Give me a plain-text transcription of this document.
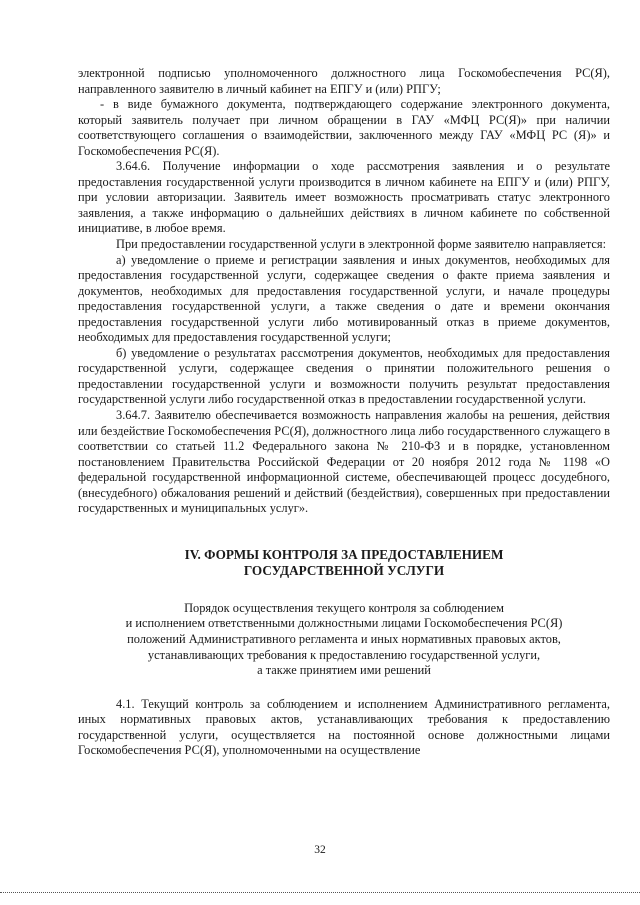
электронной подписью уполномоченного должностного лица Госкомобеспечения РС(Я), направленного заявителю в личный кабинет на ЕПГУ и (или) РПГУ;

- в виде бумажного документа, подтверждающего содержание электронного документа, который заявитель получает при личном обращении в ГАУ «МФЦ РС(Я)» при наличии соответствующего соглашения о взаимодействии, заключенного между ГАУ «МФЦ РС (Я)» и Госкомобеспечения РС(Я).

3.64.6. Получение информации о ходе рассмотрения заявления и о результате предоставления государственной услуги производится в личном кабинете на ЕПГУ и (или) РПГУ, при условии авторизации. Заявитель имеет возможность просматривать статус электронного заявления, а также информацию о дальнейших действиях в личном кабинете по собственной инициативе, в любое время.

При предоставлении государственной услуги в электронной форме заявителю направляется:

а) уведомление о приеме и регистрации заявления и иных документов, необходимых для предоставления государственной услуги, содержащее сведения о факте приема заявления и документов, необходимых для предоставления государственной услуги, и начале процедуры предоставления государственной услуги, а также сведения о дате и времени окончания предоставления государственной услуги либо мотивированный отказ в приеме документов, необходимых для предоставления государственной услуги;

б) уведомление о результатах рассмотрения документов, необходимых для предоставления государственной услуги, содержащее сведения о принятии положительного решения о предоставлении государственной услуги и возможности получить результат предоставления государственной услуги либо государственной отказ в предоставлении государственной услуги.

3.64.7. Заявителю обеспечивается возможность направления жалобы на решения, действия или бездействие Госкомобеспечения РС(Я), должностного лица либо государственного служащего в соответствии со статьей 11.2 Федерального закона № 210-ФЗ и в порядке, установленном постановлением Правительства Российской Федерации от 20 ноября 2012 года № 1198 «О федеральной государственной информационной системе, обеспечивающей процесс досудебного, (внесудебного) обжалования решений и действий (бездействия), совершенных при предоставлении государственных и муниципальных услуг».

IV. ФОРМЫ КОНТРОЛЯ ЗА ПРЕДОСТАВЛЕНИЕМ
ГОСУДАРСТВЕННОЙ УСЛУГИ

Порядок осуществления текущего контроля за соблюдением
и исполнением ответственными должностными лицами Госкомобеспечения РС(Я)
положений Административного регламента и иных нормативных правовых актов,
устанавливающих требования к предоставлению государственной услуги,
а также принятием ими решений

4.1. Текущий контроль за соблюдением и исполнением Административного регламента, иных нормативных правовых актов, устанавливающих требования к предоставлению государственной услуги, осуществляется на постоянной основе должностными лицами Госкомобеспечения РС(Я), уполномоченными на осуществление

32
